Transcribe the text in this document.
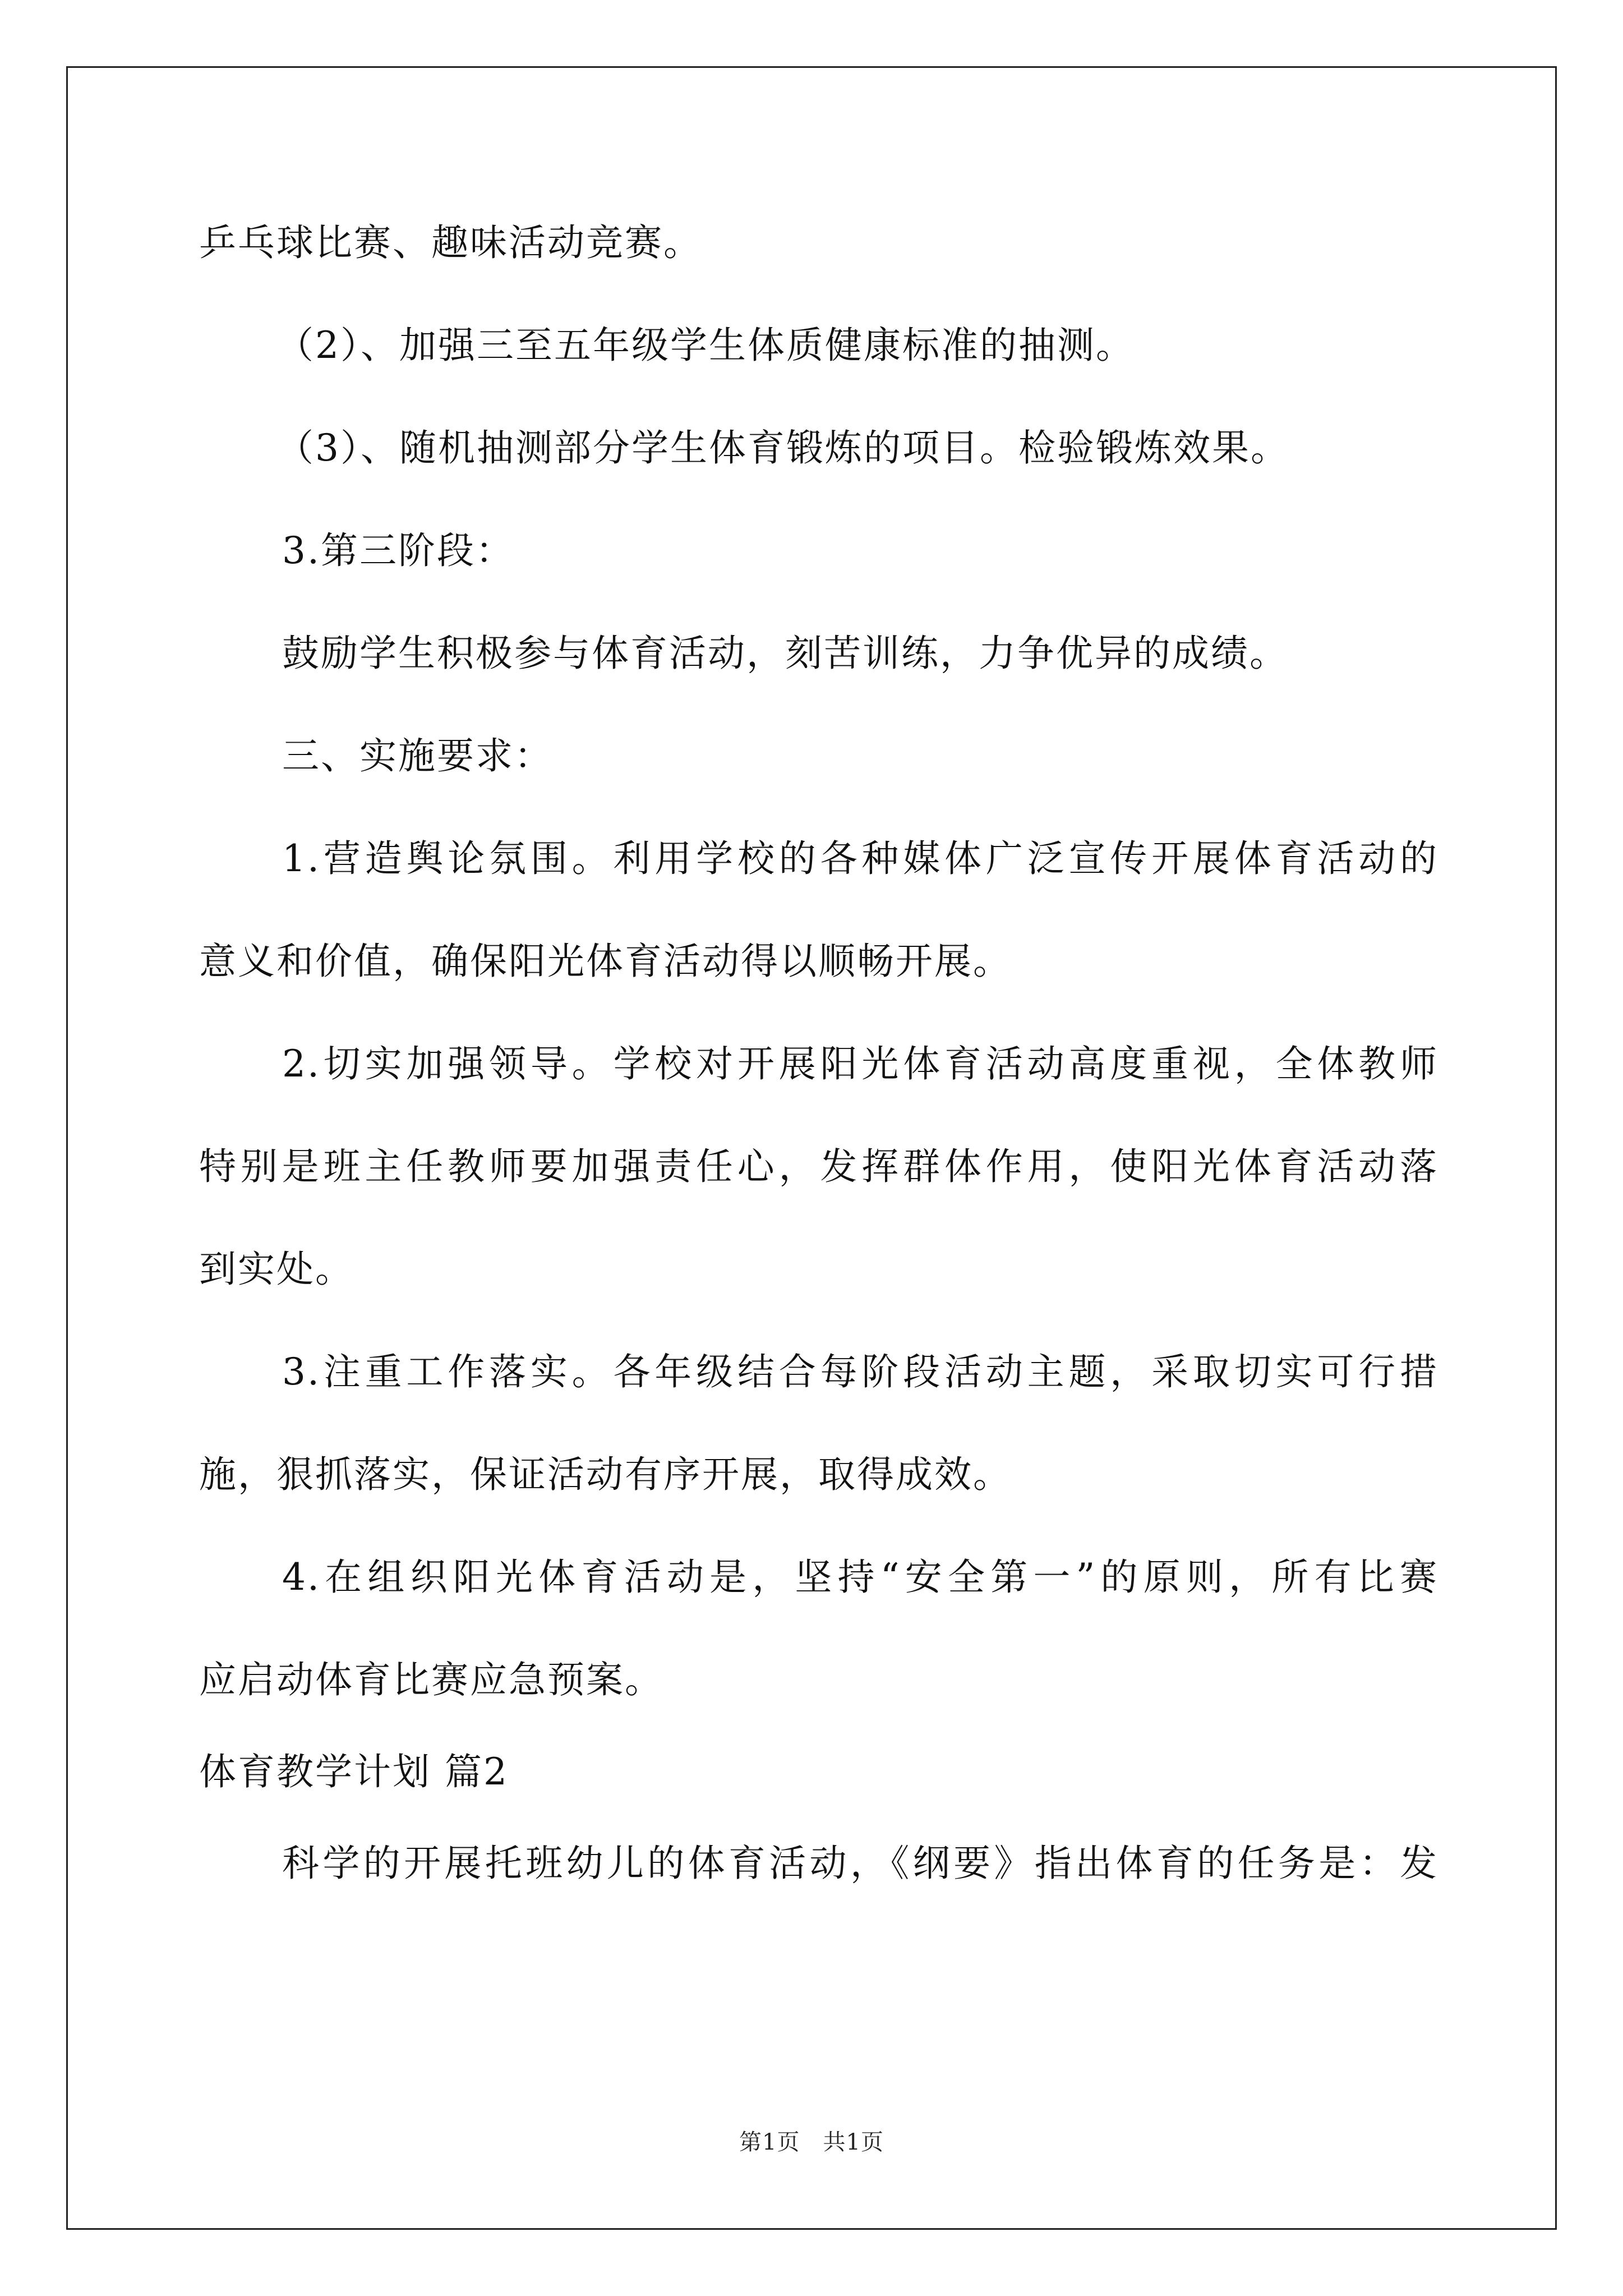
乒乓球比赛、趣味活动竞赛。
（2）、加强三至五年级学生体质健康标准的抽测。
（3）、随机抽测部分学生体育锻炼的项目。检验锻炼效果。
3.第三阶段：
鼓励学生积极参与体育活动，刻苦训练，力争优异的成绩。
三、实施要求：
1.营造舆论氛围。利用学校的各种媒体广泛宣传开展体育活动的
意义和价值，确保阳光体育活动得以顺畅开展。
2.切实加强领导。学校对开展阳光体育活动高度重视，全体教师
特别是班主任教师要加强责任心，发挥群体作用，使阳光体育活动落
到实处。
3.注重工作落实。各年级结合每阶段活动主题，采取切实可行措
施，狠抓落实，保证活动有序开展，取得成效。
4.在组织阳光体育活动是，坚持“安全第一”的原则，所有比赛
应启动体育比赛应急预案。
体育教学计划 篇2
科学的开展托班幼儿的体育活动，《纲要》指出体育的任务是：发
第1页　共1页
